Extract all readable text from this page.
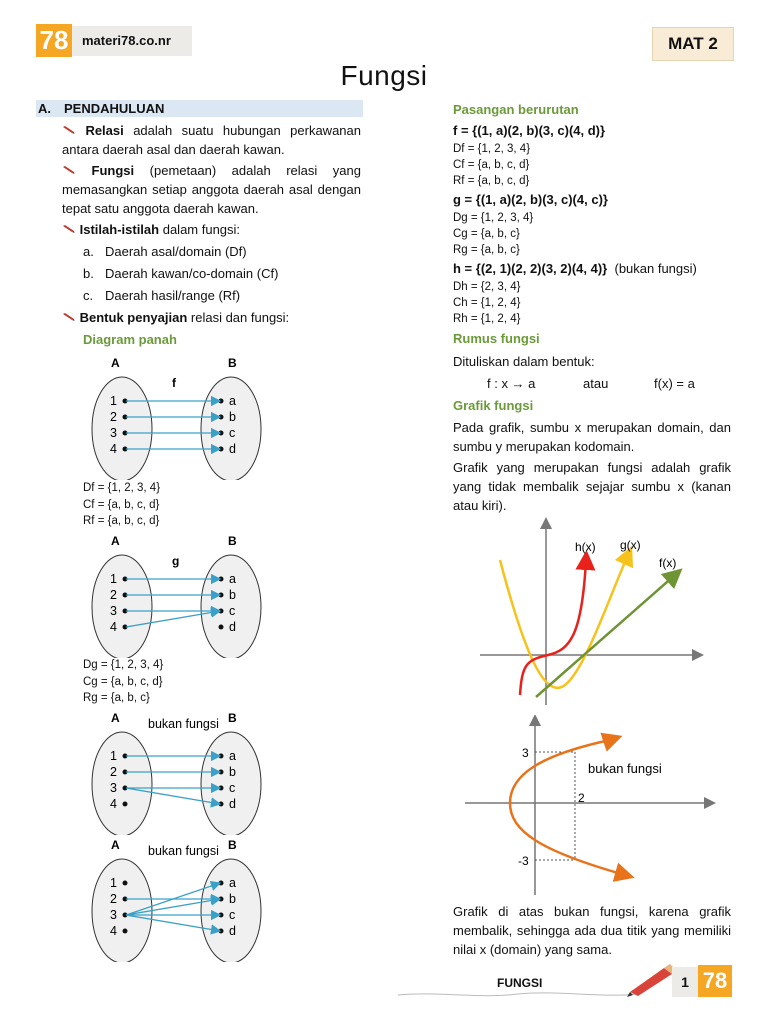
78	materi78.co.nr	MAT 2
Fungsi
A. PENDAHULUAN
Relasi adalah suatu hubungan perkawanan antara daerah asal dan daerah kawan.
Fungsi (pemetaan) adalah relasi yang memasangkan setiap anggota daerah asal dengan tepat satu anggota daerah kawan.
Istilah-istilah dalam fungsi:
a. Daerah asal/domain (Df)
b. Daerah kawan/co-domain (Cf)
c. Daerah hasil/range (Rf)
Bentuk penyajian relasi dan fungsi:
Diagram panah
A	B
f
1
2
3
4
a
b
c
d
Df = {1, 2, 3, 4}
Cf = {a, b, c, d}
Rf = {a, b, c, d}
A	B
g
1
2
3
4
a
b
c
d
Dg = {1, 2, 3, 4}
Cg = {a, b, c, d}
Rg = {a, b, c}
A	B
bukan fungsi
1
2
3
4
a
b
c
d
A	B
bukan fungsi
1
2
3
4
a
b
c
d
Pasangan berurutan
f = {(1, a)(2, b)(3, c)(4, d)}
Df = {1, 2, 3, 4}
Cf = {a, b, c, d}
Rf = {a, b, c, d}
g = {(1, a)(2, b)(3, c)(4, c)}
Dg = {1, 2, 3, 4}
Cg = {a, b, c}
Rg = {a, b, c}
h = {(2, 1)(2, 2)(3, 2)(4, 4)} (bukan fungsi)
Dh = {2, 3, 4}
Ch = {1, 2, 4}
Rh = {1, 2, 4}
Rumus fungsi
Dituliskan dalam bentuk:
f : x → a	atau	f(x) = a
Grafik fungsi
Pada grafik, sumbu x merupakan domain, dan sumbu y merupakan kodomain.
Grafik yang merupakan fungsi adalah grafik yang tidak membalik sejajar sumbu x (kanan atau kiri).
h(x) g(x)
f(x)
3
-3
2
bukan fungsi
Grafik di atas bukan fungsi, karena grafik membalik, sehingga ada dua titik yang memiliki nilai x (domain) yang sama.
FUNGSI	1 78
